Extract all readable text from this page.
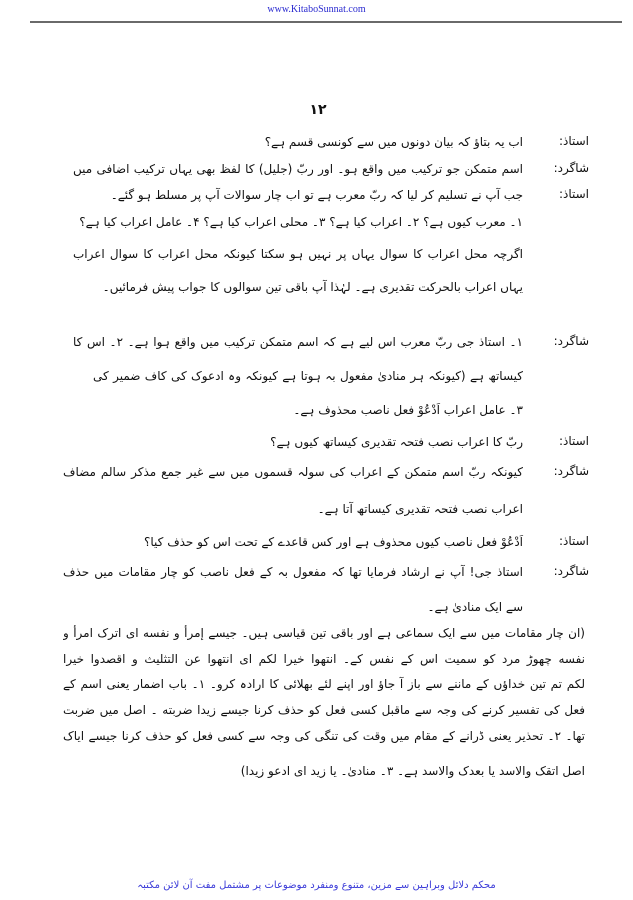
www.KitaboSunnat.com
۱۲
استاذ:
شاگرد:
استاذ:
شاگرد:
استاذ:
شاگرد:
استاذ:
شاگرد:
اب یہ بتاؤ کہ بیان دونوں میں سے کونسی قسم ہے؟
اسم متمکن جو ترکیب میں واقع ہو۔ اور ربّ (جلیل) کا لفظ بھی یہاں ترکیب اضافی میں
جب آپ نے تسلیم کر لیا کہ ربّ معرب ہے تو اب چار سوالات آپ پر مسلط ہو گئے۔
۱۔ معرب کیوں ہے؟ ۲۔ اعراب کیا ہے؟ ۳۔ محلی اعراب کیا ہے؟ ۴۔ عامل اعراب کیا ہے؟
اگرچہ محل اعراب کا سوال یہاں پر نہیں ہو سکتا کیونکہ محل اعراب کا سوال اعراب
یہاں اعراب بالحرکت تقدیری ہے۔ لہٰذا آپ باقی تین سوالوں کا جواب پیش فرمائیں۔
۱۔ استاذ جی ربّ معرب اس لیے ہے کہ اسم متمکن ترکیب میں واقع ہوا ہے۔ ۲۔ اس کا
کیساتھ ہے (کیونکہ ہر منادیٰ مفعول بہ ہوتا ہے کیونکہ وہ ادعوک کی کاف ضمیر کی
۳۔ عامل اعراب اَدْعُوْ فعل ناصب محذوف ہے۔
ربّ کا اعراب نصب فتحہ تقدیری کیساتھ کیوں ہے؟
کیونکہ ربّ اسم متمکن کے اعراب کی سولہ قسموں میں سے غیر جمع مذکر سالم مضاف
اعراب نصب فتحہ تقدیری کیساتھ آتا ہے۔
اَدْعُوْ فعل ناصب کیوں محذوف ہے اور کس قاعدے کے تحت اس کو حذف کیا؟
استاذ جی! آپ نے ارشاد فرمایا تھا کہ مفعول بہ کے فعل ناصب کو چار مقامات میں حذف
سے ایک منادیٰ ہے۔
(ان چار مقامات میں سے ایک سماعی ہے اور باقی تین قیاسی ہیں۔ جیسے إمرأ و نفسه ای اترک امرأ و
نفسه چھوڑ مرد کو سمیت اس کے نفس کے۔ انتهوا خیرا لکم ای انتهوا عن التثلیث و اقصدوا خیرا
لکم تم تین خداؤں کے ماننے سے باز آ جاؤ اور اپنے لئے بھلائی کا ارادہ کرو۔ ۱۔ باب اضمار یعنی اسم کے
فعل کی تفسیر کرنے کی وجہ سے ماقبل کسی فعل کو حذف کرنا جیسے زیدا ضربته ۔ اصل میں ضربت
تھا۔ ۲۔ تحذیر یعنی ڈرانے کے مقام میں وقت کی تنگی کی وجہ سے کسی فعل کو حذف کرنا جیسے ایاک
اصل اتقک والاسد یا بعدک والاسد ہے۔ ۳۔ منادیٰ۔ یا زید ای ادعو زیدا)
محکم دلائل وبراہین سے مزین، متنوع ومنفرد موضوعات پر مشتمل مفت آن لائن مکتبہ
